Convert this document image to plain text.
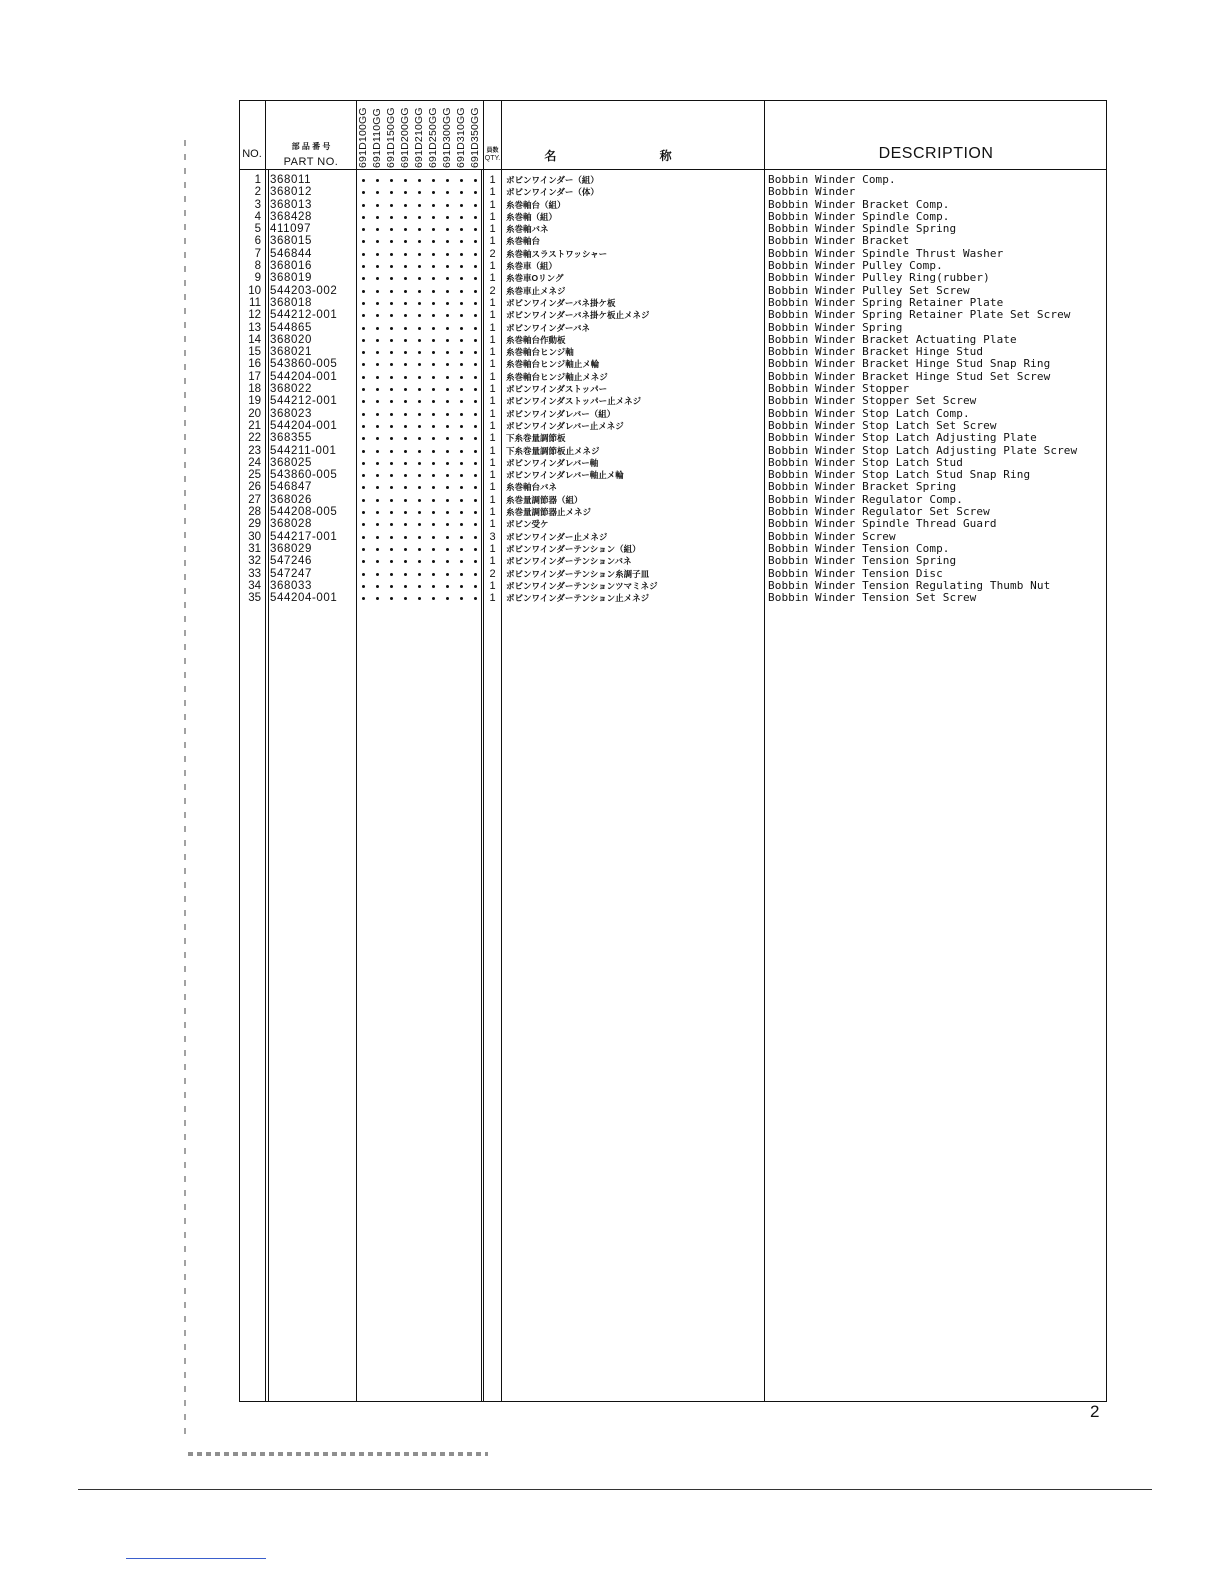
NO.
部 品 番 号
PART NO.	691D100GG 691D110GG 691D150GG 691D200GG 691D210GG 691D250GG 691D300GG 691D310GG 691D350GG 員数
QTY.	名 称	DESCRIPTION
1 368011	1	ボビンワインダー（組）	Bobbin Winder Comp.
2 368012	1	ボビンワインダー（体）	Bobbin Winder
3 368013	1	糸巻軸台（組）	Bobbin Winder Bracket Comp.
4 368428	1	糸巻軸（組）	Bobbin Winder Spindle Comp.
5 411097	1	糸巻軸バネ	Bobbin Winder Spindle Spring
6 368015	1	糸巻軸台	Bobbin Winder Bracket
7 546844	2	糸巻軸スラストワッシャー	Bobbin Winder Spindle Thrust Washer
8 368016	1	糸巻車（組）	Bobbin Winder Pulley Comp.
9 368019	1	糸巻車Oリング	Bobbin Winder Pulley Ring(rubber)
10 544203-002	2	糸巻車止メネジ	Bobbin Winder Pulley Set Screw
11 368018	1	ボビンワインダーバネ掛ケ板	Bobbin Winder Spring Retainer Plate
12 544212-001	1	ボビンワインダーバネ掛ケ板止メネジ	Bobbin Winder Spring Retainer Plate Set Screw
13 544865	1	ボビンワインダーバネ	Bobbin Winder Spring
14 368020	1	糸巻軸台作動板	Bobbin Winder Bracket Actuating Plate
15 368021	1	糸巻軸台ヒンジ軸	Bobbin Winder Bracket Hinge Stud
16 543860-005	1	糸巻軸台ヒンジ軸止メ輪	Bobbin Winder Bracket Hinge Stud Snap Ring
17 544204-001	1	糸巻軸台ヒンジ軸止メネジ	Bobbin Winder Bracket Hinge Stud Set Screw
18 368022	1	ボビンワインダストッパー	Bobbin Winder Stopper
19 544212-001	1	ボビンワインダストッパー止メネジ	Bobbin Winder Stopper Set Screw
20 368023	1	ボビンワインダレバー（組）	Bobbin Winder Stop Latch Comp.
21 544204-001	1	ボビンワインダレバー止メネジ	Bobbin Winder Stop Latch Set Screw
22 368355	1	下糸巻量調節板	Bobbin Winder Stop Latch Adjusting Plate
23 544211-001	1	下糸巻量調節板止メネジ	Bobbin Winder Stop Latch Adjusting Plate Screw
24 368025	1	ボビンワインダレバー軸	Bobbin Winder Stop Latch Stud
25 543860-005	1	ボビンワインダレバー軸止メ輪	Bobbin Winder Stop Latch Stud Snap Ring
26 546847	1	糸巻軸台バネ	Bobbin Winder Bracket Spring
27 368026	1	糸巻量調節器（組）	Bobbin Winder Regulator Comp.
28 544208-005	1	糸巻量調節器止メネジ	Bobbin Winder Regulator Set Screw
29 368028	1	ボビン受ケ	Bobbin Winder Spindle Thread Guard
30 544217-001	3	ボビンワインダー止メネジ	Bobbin Winder Screw
31 368029	1	ボビンワインダーテンション（組）	Bobbin Winder Tension Comp.
32 547246	1	ボビンワインダーテンションバネ	Bobbin Winder Tension Spring
33 547247	2	ボビンワインダーテンション糸調子皿	Bobbin Winder Tension Disc
34 368033	1	ボビンワインダーテンションツマミネジ	Bobbin Winder Tension Regulating Thumb Nut
35 544204-001	1	ボビンワインダーテンション止メネジ	Bobbin Winder Tension Set Screw
2
